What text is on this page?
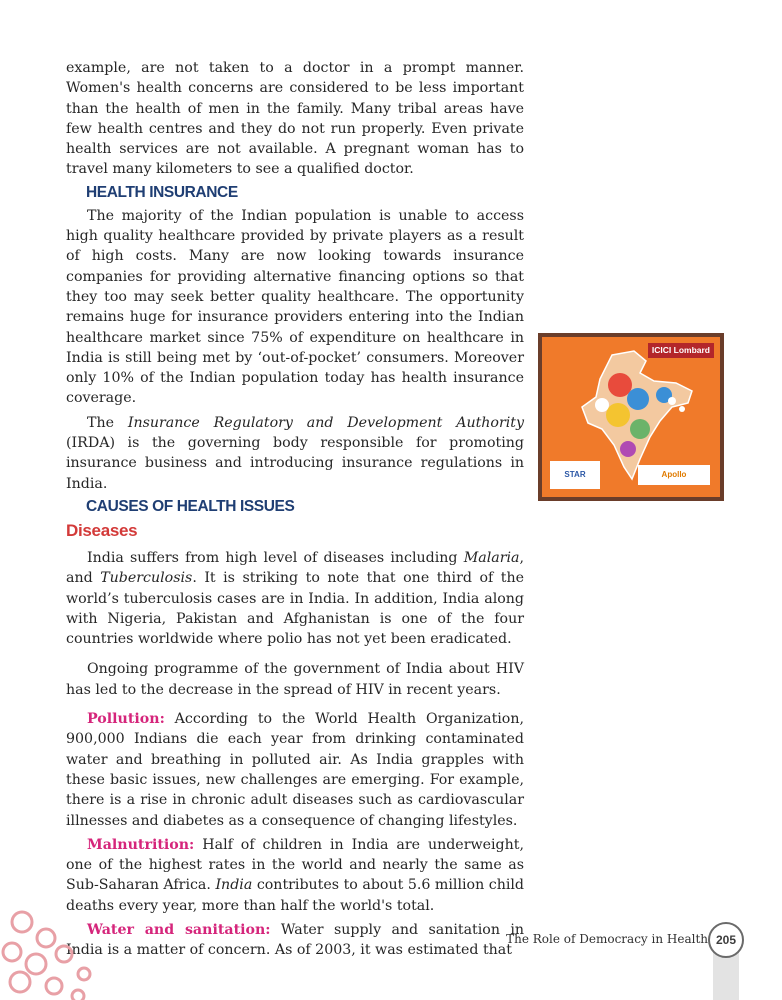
example, are not taken to a doctor in a prompt manner. Women's health concerns are considered to be less important than the health of men in the family. Many tribal areas have few health centres and they do not run properly. Even private health services are not available. A pregnant woman has to travel many kilometers to see a qualified doctor.

HEALTH INSURANCE

The majority of the Indian population is unable to access high quality healthcare provided by private players as a result of high costs. Many are now looking towards insurance companies for providing alternative financing options so that they too may seek better quality healthcare. The opportunity remains huge for insurance providers entering into the Indian healthcare market since 75% of expenditure on healthcare in India is still being met by ‘out-of-pocket’ consumers. Moreover only 10% of the Indian population today has health insurance coverage.

The Insurance Regulatory and Development Authority (IRDA) is the governing body responsible for promoting insurance business and introducing insurance regulations in India.

CAUSES OF HEALTH ISSUES
Diseases

India suffers from high level of diseases including Malaria, and Tuberculosis. It is striking to note that one third of the world’s tuberculosis cases are in India. In addition, India along with Nigeria, Pakistan and Afghanistan is one of the four countries worldwide where polio has not yet been eradicated.

Ongoing programme of the government of India about HIV has led to the decrease in the spread of HIV in recent years.

Pollution: According to the World Health Organization, 900,000 Indians die each year from drinking contaminated water and breathing in polluted air. As India grapples with these basic issues, new challenges are emerging. For example, there is a rise in chronic adult diseases such as cardiovascular illnesses and diabetes as a consequence of changing lifestyles.

Malnutrition: Half of children in India are underweight, one of the highest rates in the world and nearly the same as Sub-Saharan Africa. India contributes to about 5.6 million child deaths every year, more than half the world's total.

Water and sanitation: Water supply and sanitation in India is a matter of concern. As of 2003, it was estimated that

ICICI Lombard
STAR	Apollo
The Role of Democracy in Health 205
